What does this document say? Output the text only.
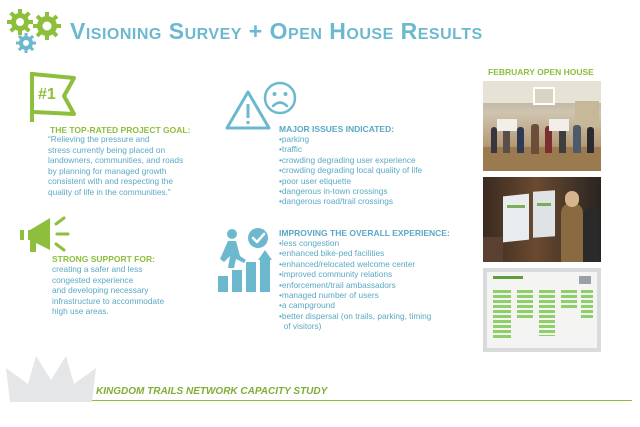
Visioning Survey + Open House Results
#1
THE TOP-RATED PROJECT GOAL:
“Relieving the pressure and
stress currently being placed on
landowners, communities, and roads
by planning for managed growth
consistent with and respecting the
quality of life in the communities.”
STRONG SUPPORT FOR:
creating a safer and less
congested experience
and developing necessary
infrastructure to accommodate
high use areas.
MAJOR ISSUES INDICATED:
•parking
•traffic
•crowding degrading user experience
•crowding degrading local quality of life
•poor user etiquette
•dangerous in-town crossings
•dangerous road/trail crossings
IMPROVING THE OVERALL EXPERIENCE:
•less congestion
•enhanced bike-ped facilities
•enhanced/relocated welcome center
•improved community relations
•enforcement/trail ambassadors
•managed number of users
•a campground
•better dispersal (on trails, parking, timing
of visitors)
FEBRUARY OPEN HOUSE
KINGDOM TRAILS NETWORK CAPACITY STUDY
